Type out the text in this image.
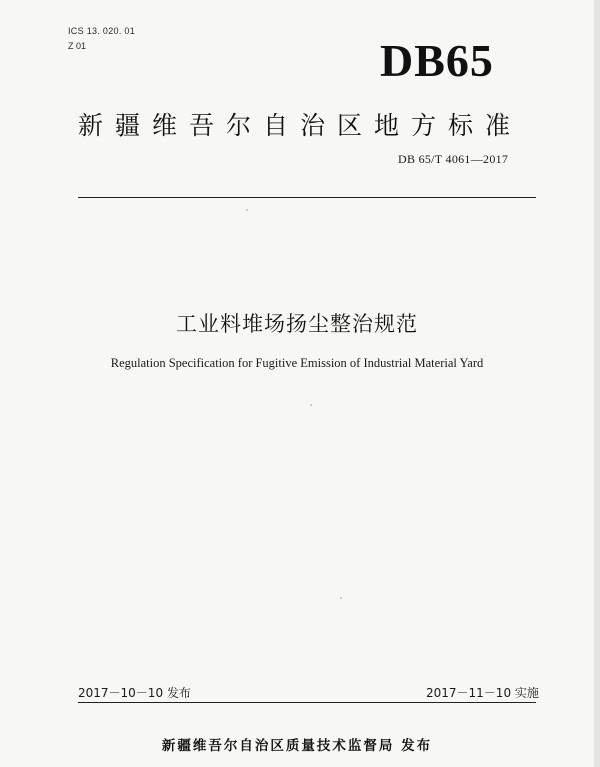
ICS 13. 020. 01
Z 01	DB65
新疆维吾尔自治区地方标准
DB 65/T 4061—2017
工业料堆场扬尘整治规范
Regulation Specification for Fugitive Emission of Industrial Material Yard
2017－10－10 发布	2017－11－10 实施
新疆维吾尔自治区质量技术监督局 发布
